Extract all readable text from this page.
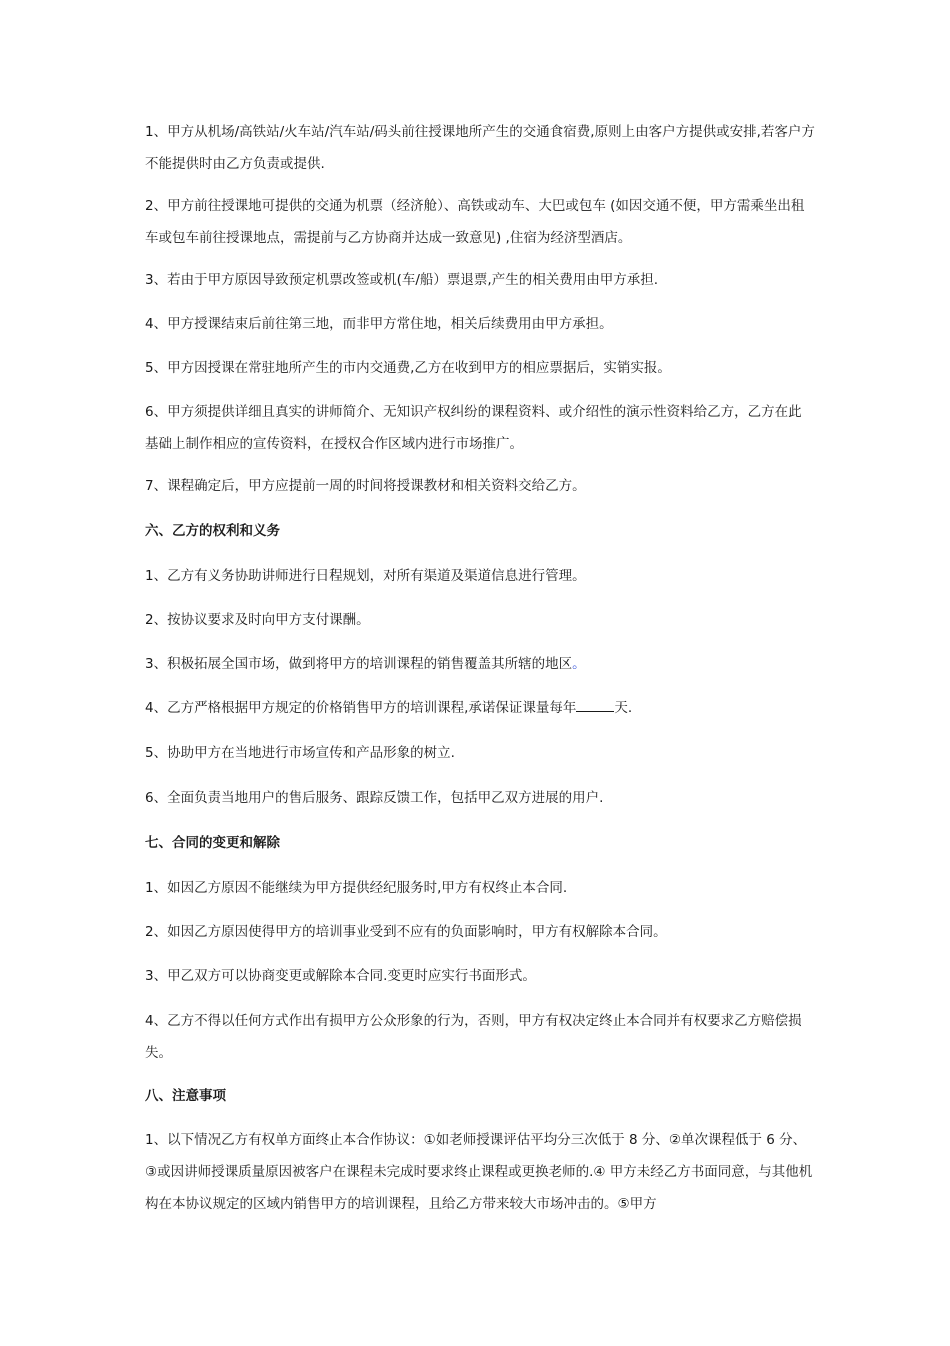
1、甲方从机场/高铁站/火车站/汽车站/码头前往授课地所产生的交通食宿费,原则上由客户方提供或安排,若客户方不能提供时由乙方负责或提供.

2、甲方前往授课地可提供的交通为机票（经济舱）、高铁或动车、大巴或包车 (如因交通不便，甲方需乘坐出租车或包车前往授课地点，需提前与乙方协商并达成一致意见) ,住宿为经济型酒店。

3、若由于甲方原因导致预定机票改签或机(车/船）票退票,产生的相关费用由甲方承担.

4、甲方授课结束后前往第三地，而非甲方常住地，相关后续费用由甲方承担。

5、甲方因授课在常驻地所产生的市内交通费,乙方在收到甲方的相应票据后，实销实报。

6、甲方须提供详细且真实的讲师简介、无知识产权纠纷的课程资料、或介绍性的演示性资料给乙方，乙方在此基础上制作相应的宣传资料，在授权合作区域内进行市场推广。

7、课程确定后，甲方应提前一周的时间将授课教材和相关资料交给乙方。

六、乙方的权利和义务

1、乙方有义务协助讲师进行日程规划，对所有渠道及渠道信息进行管理。

2、按协议要求及时向甲方支付课酬。

3、积极拓展全国市场，做到将甲方的培训课程的销售覆盖其所辖的地区。

4、乙方严格根据甲方规定的价格销售甲方的培训课程,承诺保证课量每年	天.

5、协助甲方在当地进行市场宣传和产品形象的树立.

6、全面负责当地用户的售后服务、跟踪反馈工作，包括甲乙双方进展的用户.

七、合同的变更和解除

1、如因乙方原因不能继续为甲方提供经纪服务时,甲方有权终止本合同.

2、如因乙方原因使得甲方的培训事业受到不应有的负面影响时，甲方有权解除本合同。

3、甲乙双方可以协商变更或解除本合同.变更时应实行书面形式。

4、乙方不得以任何方式作出有损甲方公众形象的行为，否则，甲方有权决定终止本合同并有权要求乙方赔偿损失。

八、注意事项

1、以下情况乙方有权单方面终止本合作协议：①如老师授课评估平均分三次低于 8 分、②单次课程低于 6 分、③或因讲师授课质量原因被客户在课程未完成时要求终止课程或更换老师的.④ 甲方未经乙方书面同意，与其他机构在本协议规定的区域内销售甲方的培训课程，且给乙方带来较大市场冲击的。⑤甲方
